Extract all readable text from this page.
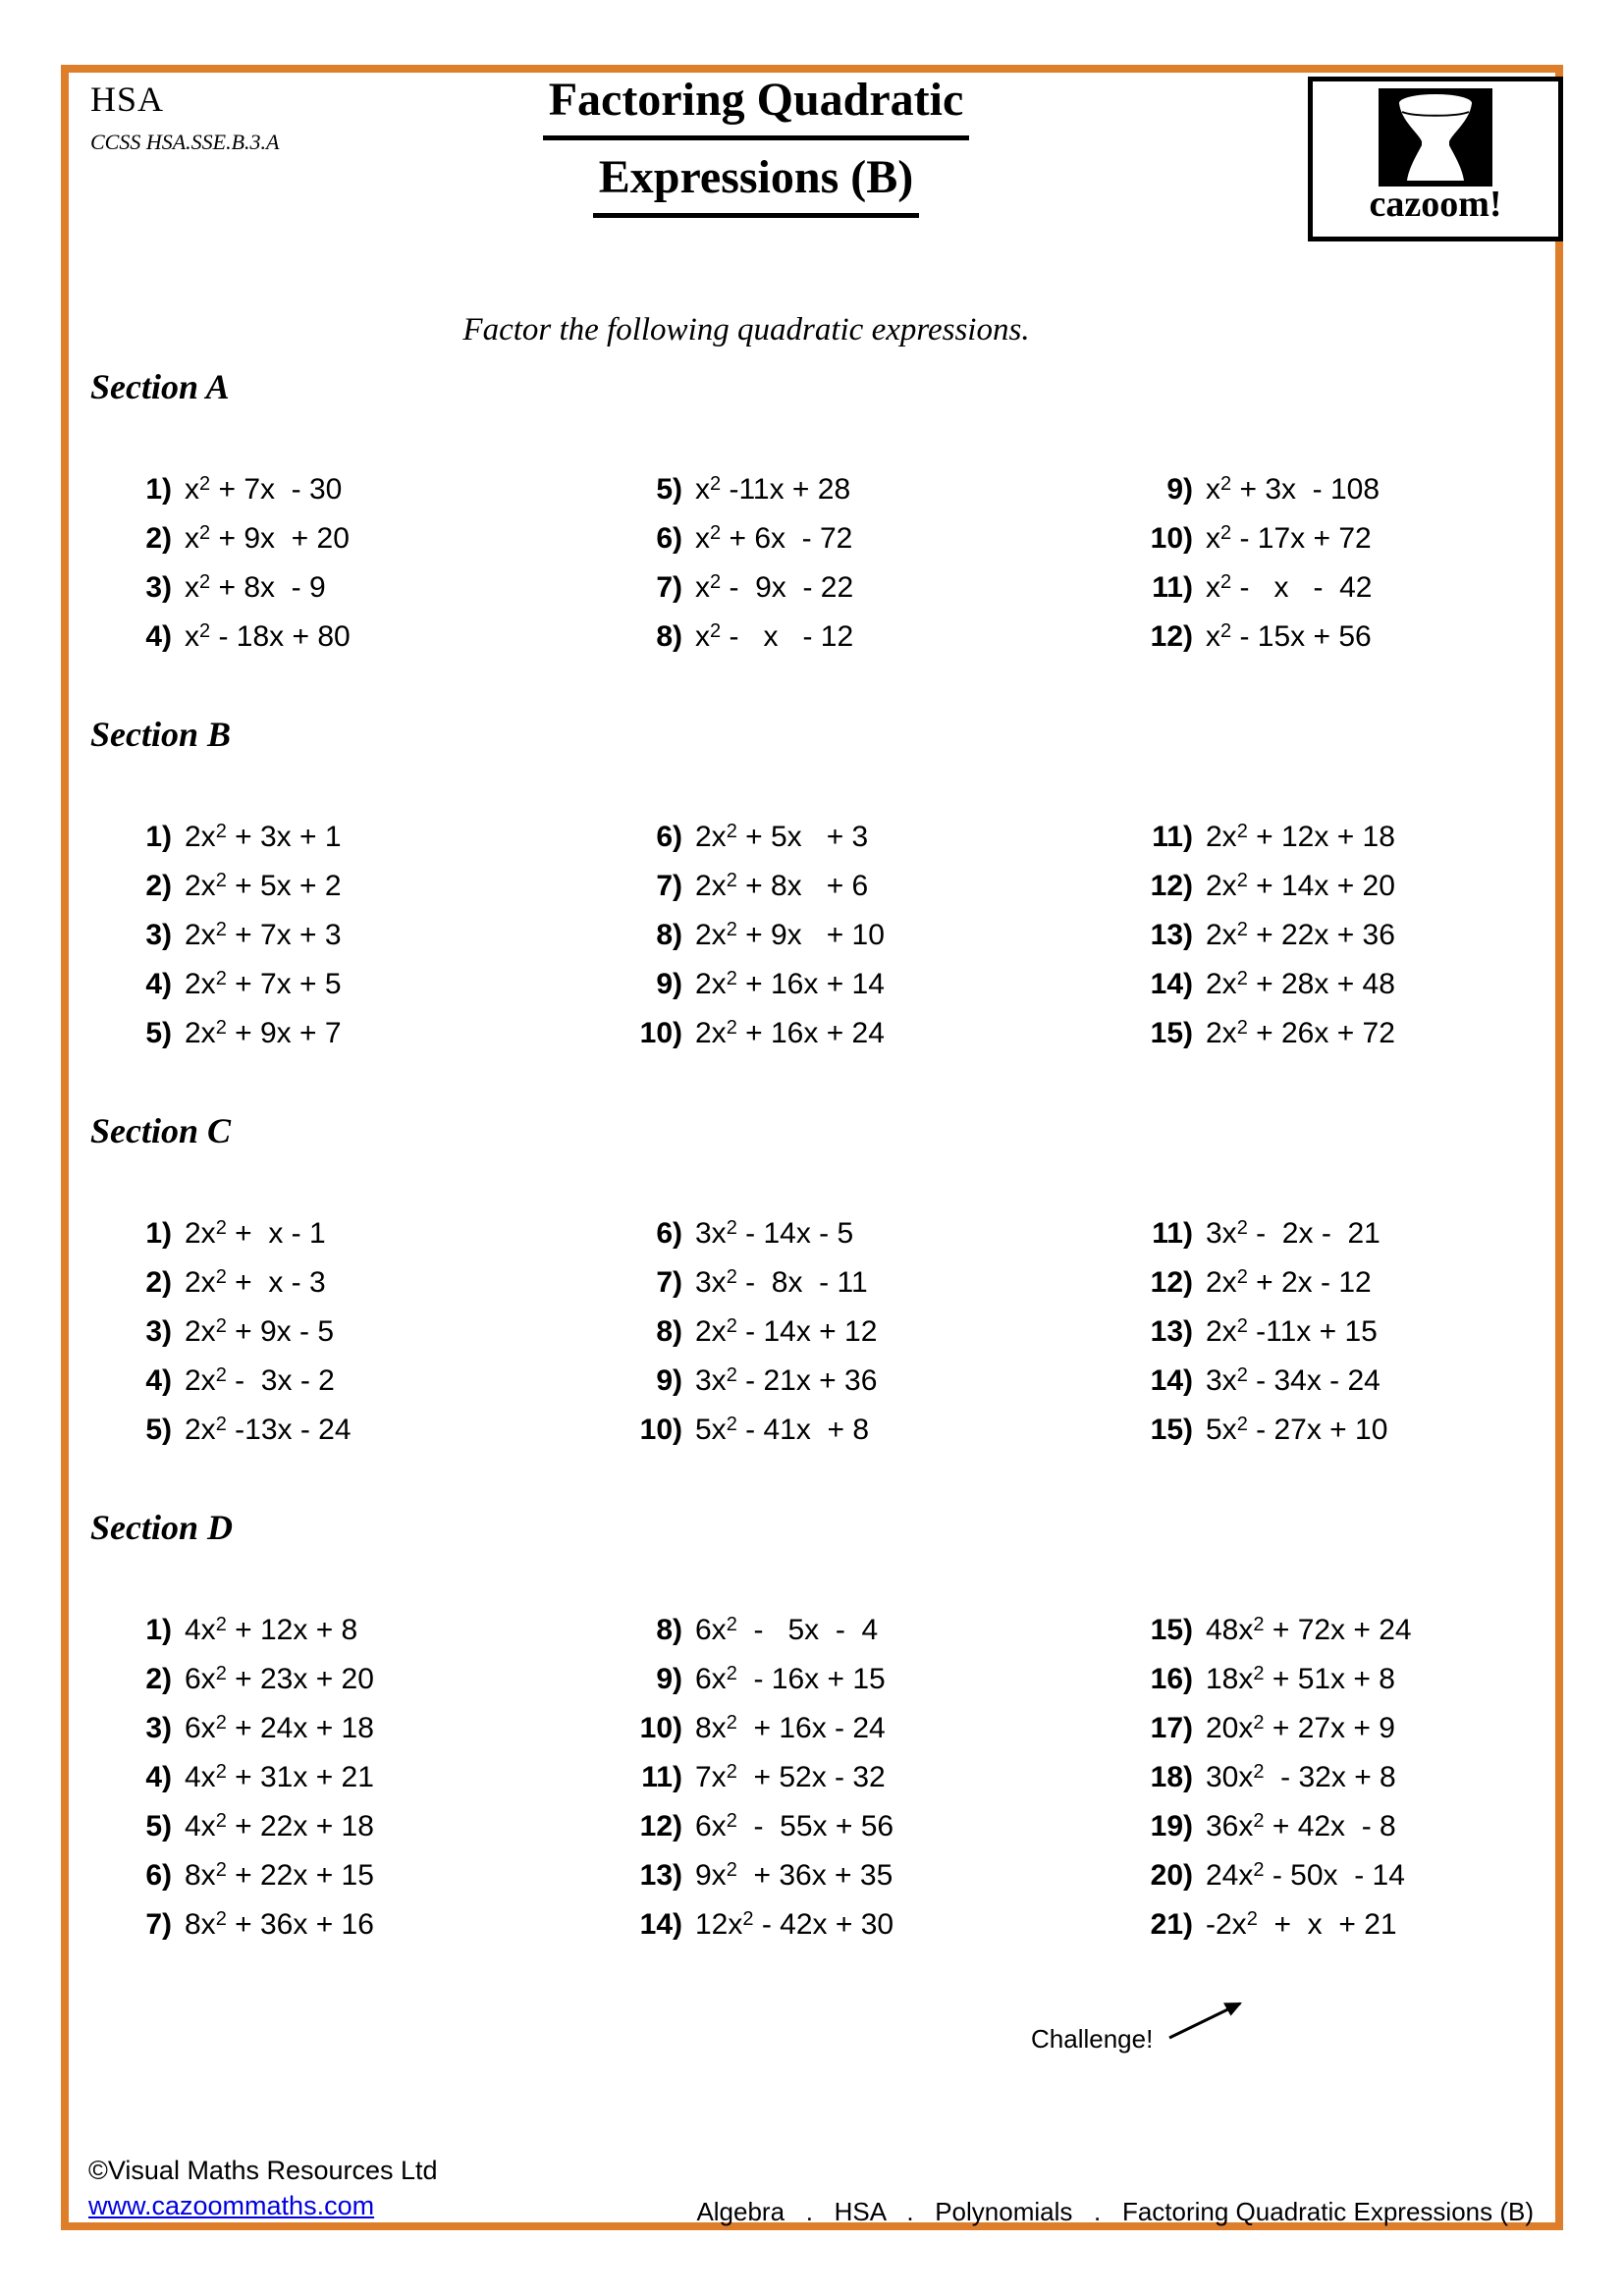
HSA
CCSS HSA.SSE.B.3.A
Factoring Quadratic
Expressions (B)
cazoom!
Factor the following quadratic expressions.
Section A
1) $x^2 + 7x - 30$
2) $x^2 + 9x + 20$
3) $x^2 + 8x - 9$
4) $x^2 - 18x + 80$
5) $x^2$ -11x + 28
6) $x^2 + 6x - 72$
7) $x^2 - 9x - 22$
8) $x^2$ -   x   - 12
9) $x^2 + 3x - 108$
10) $x^2 - 17x + 72$
11) $x^2$ -   x   -  42
12) $x^2 - 15x + 56$
Section B
1) $2x^2 + 3x + 1$
2) $2x^2 + 5x + 2$
3) $2x^2 + 7x + 3$
4) $2x^2 + 7x + 5$
5) $2x^2 + 9x + 7$
6) $2x^2 + 5x + 3$
7) $2x^2 + 8x + 6$
8) $2x^2 + 9x + 10$
9) $2x^2 + 16x + 14$
10) $2x^2 + 16x + 24$
11) $2x^2 + 12x + 18$
12) $2x^2 + 14x + 20$
13) $2x^2 + 22x + 36$
14) $2x^2 + 28x + 48$
15) $2x^2 + 26x + 72$
Section C
1) $2x^2 + x - 1$
2) $2x^2 + x - 3$
3) $2x^2 + 9x - 5$
4) $2x^2 - 3x - 2$
5) $2x^2$ -13x - 24
6) $3x^2 - 14x - 5$
7) $3x^2 - 8x - 11$
8) $2x^2 - 14x + 12$
9) $3x^2 - 21x + 36$
10) $5x^2 - 41x + 8$
11) $3x^2 - 2x - 21$
12) $2x^2 + 2x - 12$
13) $2x^2$ -11x + 15
14) $3x^2 - 34x - 24$
15) $5x^2 - 27x + 10$
Section D
1) $4x^2 + 12x + 8$
2) $6x^2 + 23x + 20$
3) $6x^2 + 24x + 18$
4) $4x^2 + 31x + 21$
5) $4x^2 + 22x + 18$
6) $8x^2 + 22x + 15$
7) $8x^2 + 36x + 16$
8) $6x^2 - 5x - 4$
9) $6x^2 - 16x + 15$
10) $8x^2 + 16x - 24$
11) $7x^2 + 52x - 32$
12) $6x^2 - 55x + 56$
13) $9x^2 + 36x + 35$
14) $12x^2 - 42x + 30$
15) $48x^2 + 72x + 24$
16) $18x^2 + 51x + 8$
17) $20x^2 + 27x + 9$
18) $30x^2 - 32x + 8$
19) $36x^2 + 42x - 8$
20) $24x^2 - 50x - 14$
21) $-2x^2 + x + 21$
Challenge!
©Visual Maths Resources Ltd
www.cazoommaths.com	Algebra   .   HSA   .   Polynomials   .   Factoring Quadratic Expressions (B)
